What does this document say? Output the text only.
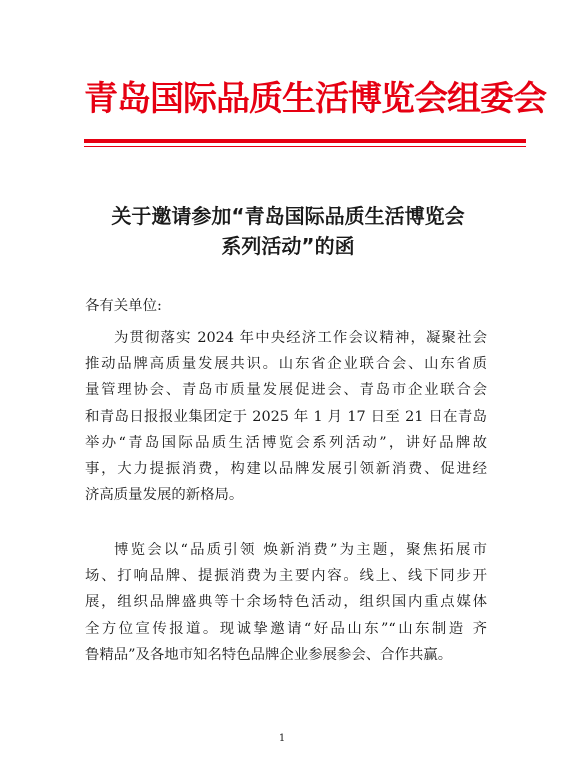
青岛国际品质生活博览会组委会
关于邀请参加“青岛国际品质生活博览会
系列活动”的函
各有关单位:
为贯彻落实 2024 年中央经济工作会议精神，凝聚社会
推动品牌高质量发展共识。山东省企业联合会、山东省质
量管理协会、青岛市质量发展促进会、青岛市企业联合会
和青岛日报报业集团定于 2025 年 1 月 17 日至 21 日在青岛
举办“青岛国际品质生活博览会系列活动”，讲好品牌故
事，大力提振消费，构建以品牌发展引领新消费、促进经
济高质量发展的新格局。
博览会以“品质引领 焕新消费”为主题，聚焦拓展市
场、打响品牌、提振消费为主要内容。线上、线下同步开
展，组织品牌盛典等十余场特色活动，组织国内重点媒体
全方位宣传报道。现诚挚邀请“好品山东”“山东制造 齐
鲁精品”及各地市知名特色品牌企业参展参会、合作共赢。
1
